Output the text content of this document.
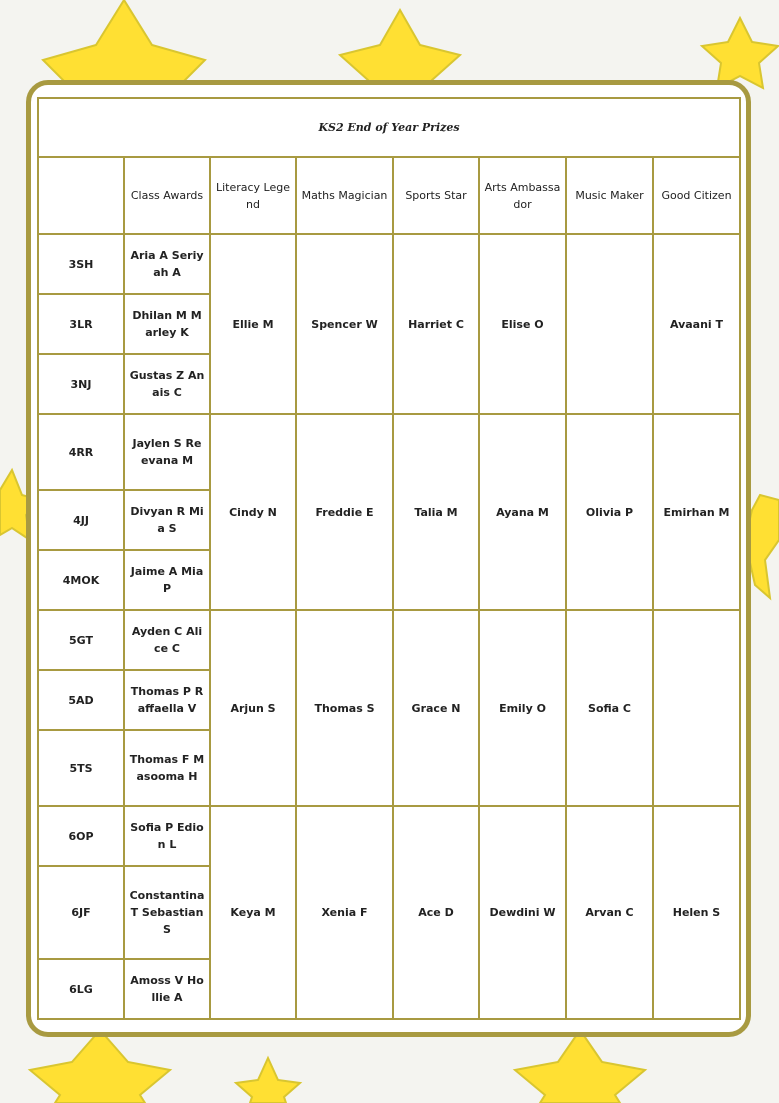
KS2 End of Year Prizes							
	Class Awards	Literacy Legend	Maths Magician	Sports Star	Arts Ambassador	Music Maker	Good Citizen
3SH	Aria A Seriyah A	Ellie M	Spencer W	Harriet C	Elise O		Avaani T
3LR	Dhilan M Marley K						
3NJ	Gustas Z Anais C						
4RR	Jaylen S Reevana M	Cindy N	Freddie E	Talia M	Ayana M	Olivia P	Emirhan M
4JJ	Divyan R Mia S						
4MOK	Jaime A Mia P						
5GT	Ayden C Alice C	Arjun S	Thomas S	Grace N	Emily O	Sofia C	
5AD	Thomas P Raffaella V						
5TS	Thomas F Masooma H						
6OP	Sofia P Edion L	Keya M	Xenia F	Ace D	Dewdini W	Arvan C	Helen S
6JF	Constantina T Sebastian S						
6LG	Amoss V Hollie A						
